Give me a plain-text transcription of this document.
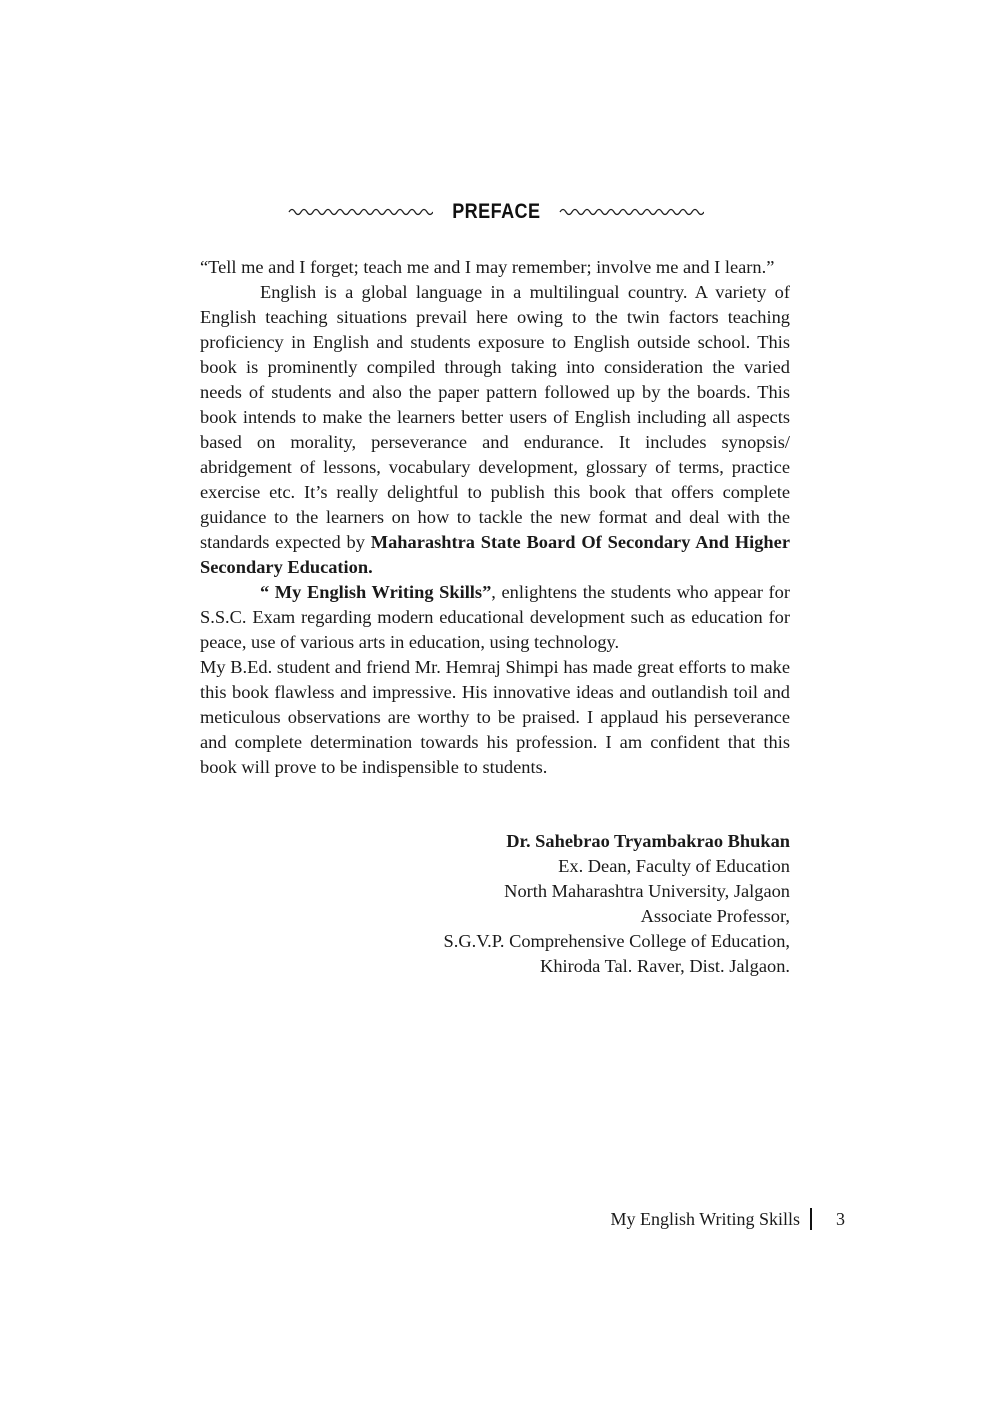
PREFACE

“Tell me and I forget; teach me and I may remember; involve me and I learn.”

English is a global language in a multilingual country. A variety of English teaching situations prevail here owing to the twin factors teaching proficiency in English and students exposure to English outside school. This book is prominently compiled through taking into consideration the varied needs of students and also the paper pattern followed up by the boards. This book intends to make the learners better users of English including all aspects based on morality, perseverance and endurance. It includes synopsis/ abridgement of lessons, vocabulary development, glossary of terms, practice exercise etc. It’s really delightful to publish this book that offers complete guidance to the learners on how to tackle the new format and deal with the standards expected by Maharashtra State Board Of Secondary And Higher Secondary Education.

“ My English Writing Skills”, enlightens the students who appear for S.S.C. Exam regarding modern educational development such as education for peace, use of various arts in education, using technology.

My B.Ed. student and friend Mr. Hemraj Shimpi has made great efforts to make this book flawless and impressive. His innovative ideas and outlandish toil and meticulous observations are worthy to be praised. I applaud his perseverance and complete determination towards his profession. I am confident that this book will prove to be indispensible to students.

Dr. Sahebrao Tryambakrao Bhukan
Ex. Dean, Faculty of Education
North Maharashtra University, Jalgaon
Associate Professor,
S.G.V.P. Comprehensive College of Education,
Khiroda Tal. Raver, Dist. Jalgaon.
My English Writing Skills 3
